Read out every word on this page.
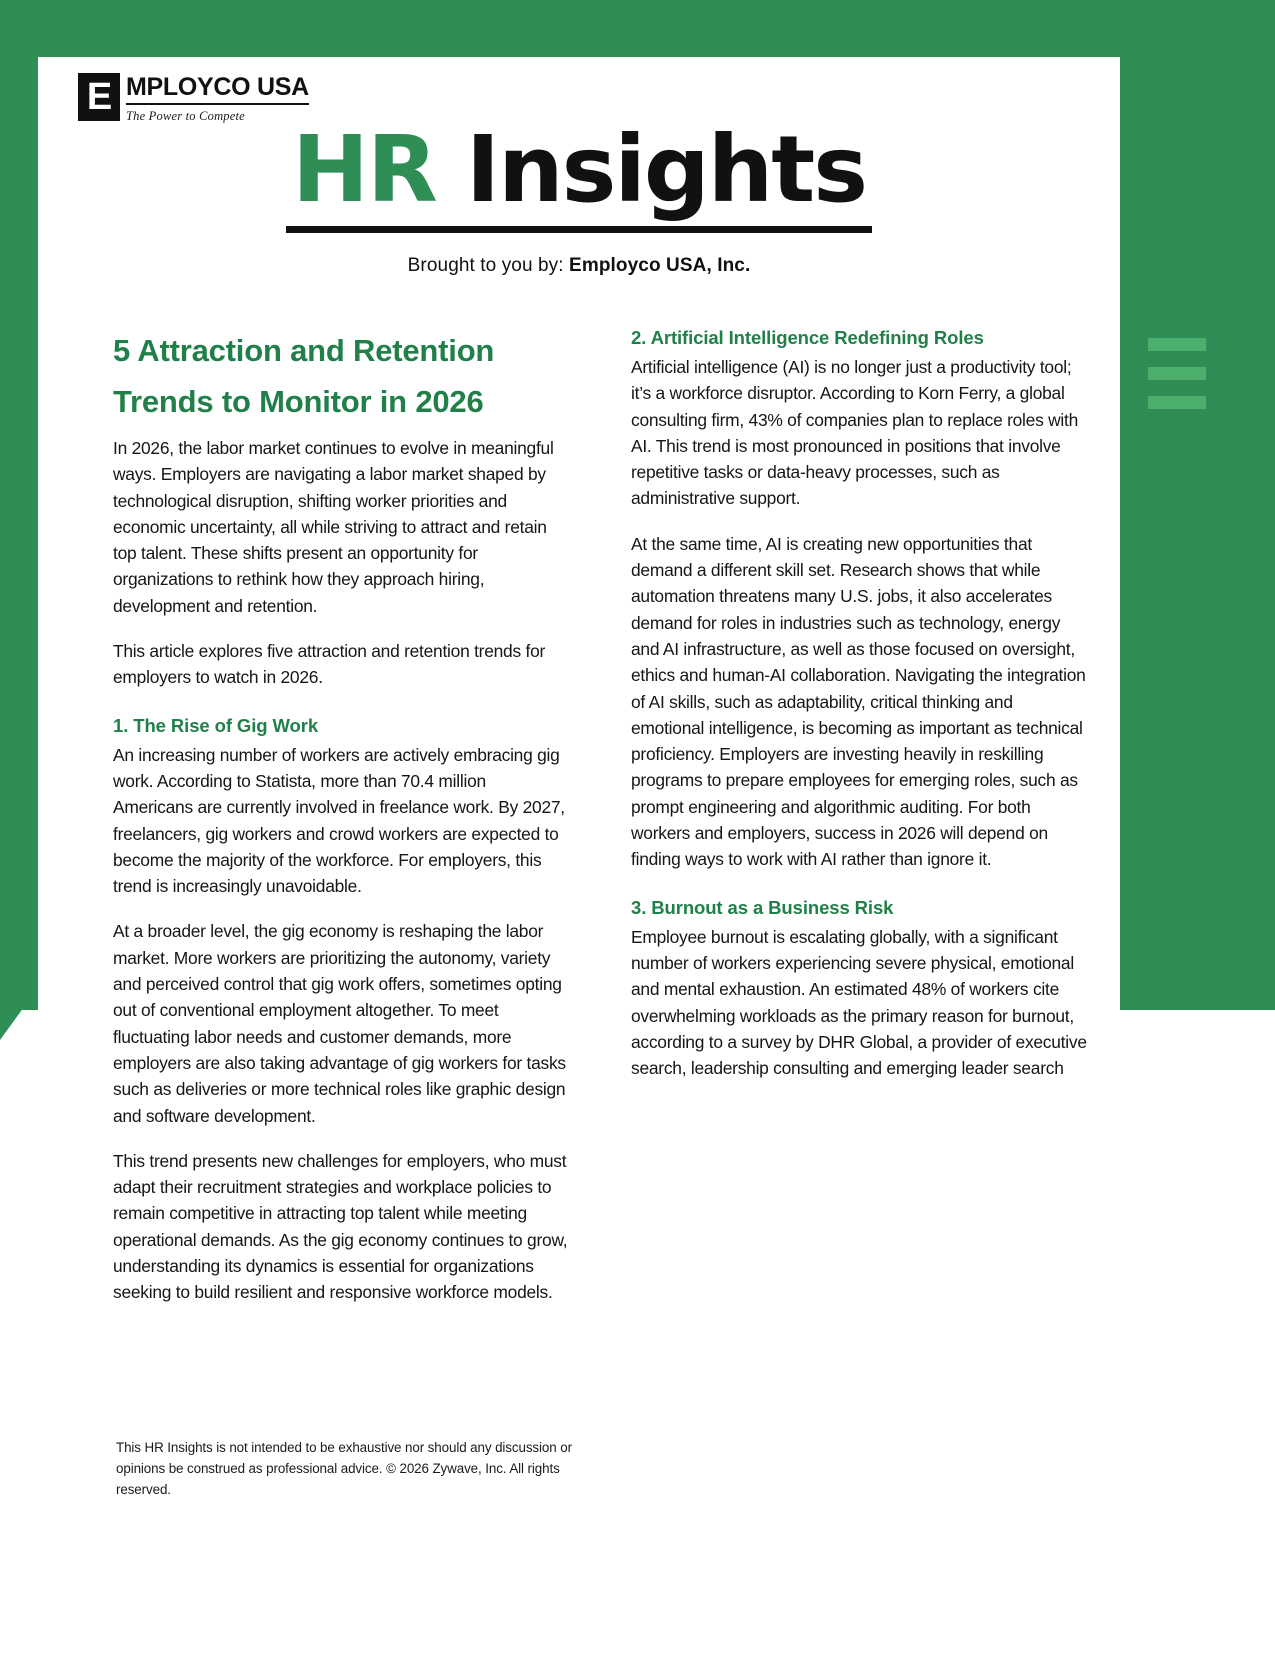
E MPLOYCO USA
The Power to Compete HR Insights
Brought to you by: Employco USA, Inc.
5 Attraction and Retention Trends to Monitor in 2026

In 2026, the labor market continues to evolve in meaningful ways. Employers are navigating a labor market shaped by technological disruption, shifting worker priorities and economic uncertainty, all while striving to attract and retain top talent. These shifts present an opportunity for organizations to rethink how they approach hiring, development and retention.

This article explores five attraction and retention trends for employers to watch in 2026.

1. The Rise of Gig Work

An increasing number of workers are actively embracing gig work. According to Statista, more than 70.4 million Americans are currently involved in freelance work. By 2027, freelancers, gig workers and crowd workers are expected to become the majority of the workforce. For employers, this trend is increasingly unavoidable.

At a broader level, the gig economy is reshaping the labor market. More workers are prioritizing the autonomy, variety and perceived control that gig work offers, sometimes opting out of conventional employment altogether. To meet fluctuating labor needs and customer demands, more employers are also taking advantage of gig workers for tasks such as deliveries or more technical roles like graphic design and software development.

This trend presents new challenges for employers, who must adapt their recruitment strategies and workplace policies to remain competitive in attracting top talent while meeting operational demands. As the gig economy continues to grow, understanding its dynamics is essential for organizations seeking to build resilient and responsive workforce models.

2. Artificial Intelligence Redefining Roles

Artificial intelligence (AI) is no longer just a productivity tool; it’s a workforce disruptor. According to Korn Ferry, a global consulting firm, 43% of companies plan to replace roles with AI. This trend is most pronounced in positions that involve repetitive tasks or data-heavy processes, such as administrative support.

At the same time, AI is creating new opportunities that demand a different skill set. Research shows that while automation threatens many U.S. jobs, it also accelerates demand for roles in industries such as technology, energy and AI infrastructure, as well as those focused on oversight, ethics and human-AI collaboration. Navigating the integration of AI skills, such as adaptability, critical thinking and emotional intelligence, is becoming as important as technical proficiency. Employers are investing heavily in reskilling programs to prepare employees for emerging roles, such as prompt engineering and algorithmic auditing. For both workers and employers, success in 2026 will depend on finding ways to work with AI rather than ignore it.

3. Burnout as a Business Risk

Employee burnout is escalating globally, with a significant number of workers experiencing severe physical, emotional and mental exhaustion. An estimated 48% of workers cite overwhelming workloads as the primary reason for burnout, according to a survey by DHR Global, a provider of executive search, leadership consulting and emerging leader search

This HR Insights is not intended to be exhaustive nor should any discussion or opinions be construed as professional advice. © 2026 Zywave, Inc. All rights reserved.
